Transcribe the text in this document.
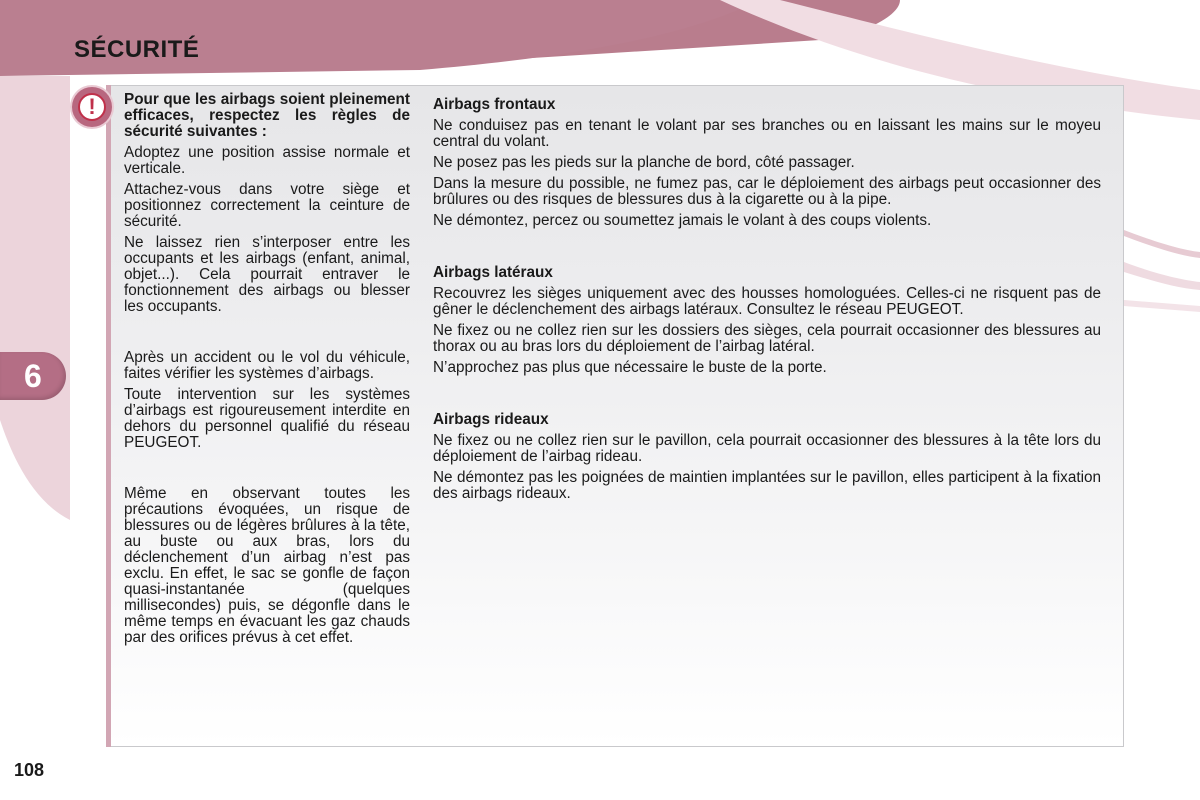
SÉCURITÉ
!
6

Pour que les airbags soient pleinement efficaces, respectez les règles de sécurité suivantes :

Adoptez une position assise normale et verticale.

Attachez-vous dans votre siège et positionnez correctement la ceinture de sécurité.

Ne laissez rien s’interposer entre les occupants et les airbags (enfant, animal, objet...). Cela pourrait entraver le fonctionnement des airbags ou blesser les occupants.

Après un accident ou le vol du véhicule, faites vérifier les systèmes d’airbags.

Toute intervention sur les systèmes d’airbags est rigoureusement interdite en dehors du personnel qualifié du réseau PEUGEOT.

Même en observant toutes les précautions évoquées, un risque de blessures ou de légères brûlures à la tête, au buste ou aux bras, lors du déclenchement d’un airbag n’est pas exclu. En effet, le sac se gonfle de façon quasi-instantanée (quelques millisecondes) puis, se dégonfle dans le même temps en évacuant les gaz chauds par des orifices prévus à cet effet.

Airbags frontaux

Ne conduisez pas en tenant le volant par ses branches ou en laissant les mains sur le moyeu central du volant.

Ne posez pas les pieds sur la planche de bord, côté passager.

Dans la mesure du possible, ne fumez pas, car le déploiement des airbags peut occasionner des brûlures ou des risques de blessures dus à la cigarette ou à la pipe.

Ne démontez, percez ou soumettez jamais le volant à des coups violents.

Airbags latéraux

Recouvrez les sièges uniquement avec des housses homologuées. Celles-ci ne risquent pas de gêner le déclenchement des airbags latéraux. Consultez le réseau PEUGEOT.

Ne fixez ou ne collez rien sur les dossiers des sièges, cela pourrait occasionner des blessures au thorax ou au bras lors du déploiement de l’airbag latéral.

N’approchez pas plus que nécessaire le buste de la porte.

Airbags rideaux

Ne fixez ou ne collez rien sur le pavillon, cela pourrait occasionner des blessures à la tête lors du déploiement de l’airbag rideau.

Ne démontez pas les poignées de maintien implantées sur le pavillon, elles participent à la fixation des airbags rideaux.

108
